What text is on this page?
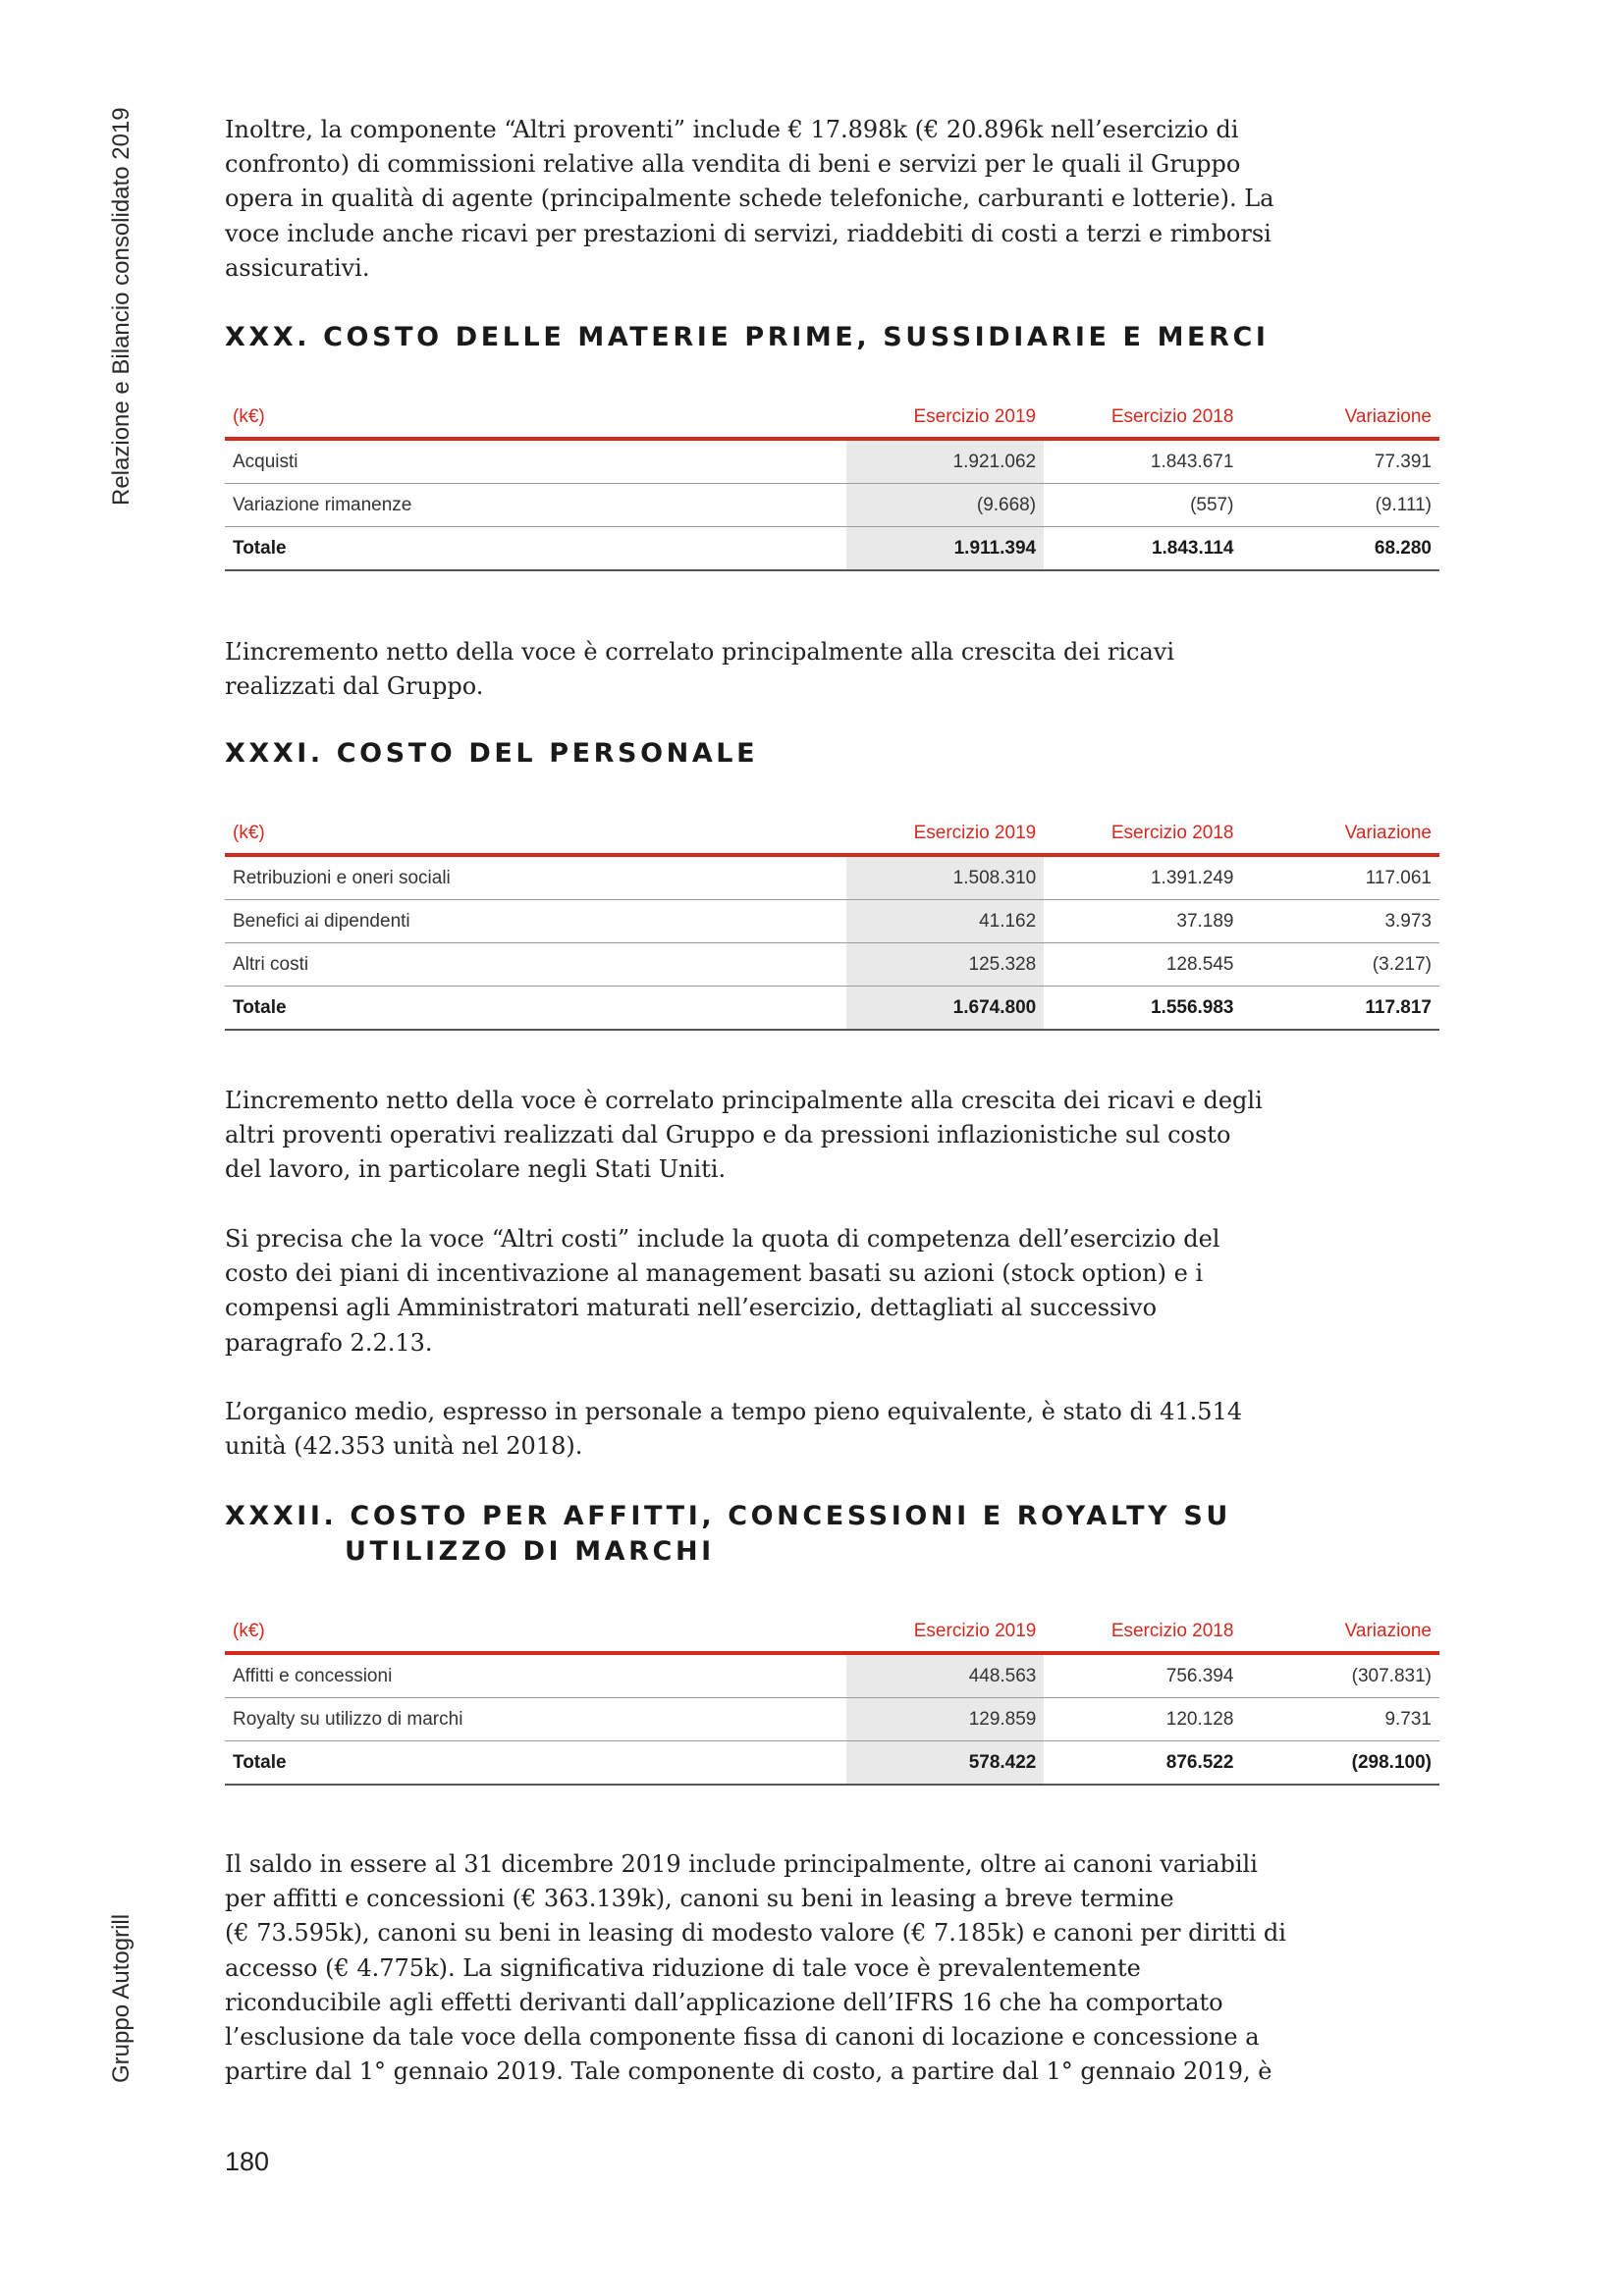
Relazione e Bilancio consolidato 2019
Gruppo Autogrill
Inoltre, la componente “Altri proventi” include € 17.898k (€ 20.896k nell’esercizio di
confronto) di commissioni relative alla vendita di beni e servizi per le quali il Gruppo
opera in qualità di agente (principalmente schede telefoniche, carburanti e lotterie). La
voce include anche ricavi per prestazioni di servizi, riaddebiti di costi a terzi e rimborsi
assicurativi.
XXX. COSTO DELLE MATERIE PRIME, SUSSIDIARIE E MERCI
(k€)	Esercizio 2019	Esercizio 2018	Variazione
Acquisti	1.921.062	1.843.671	77.391
Variazione rimanenze	(9.668)	(557)	(9.111)
Totale	1.911.394	1.843.114	68.280
L’incremento netto della voce è correlato principalmente alla crescita dei ricavi
realizzati dal Gruppo.
XXXI. COSTO DEL PERSONALE
(k€)	Esercizio 2019	Esercizio 2018	Variazione
Retribuzioni e oneri sociali	1.508.310	1.391.249	117.061
Benefici ai dipendenti	41.162	37.189	3.973
Altri costi	125.328	128.545	(3.217)
Totale	1.674.800	1.556.983	117.817
L’incremento netto della voce è correlato principalmente alla crescita dei ricavi e degli
altri proventi operativi realizzati dal Gruppo e da pressioni inflazionistiche sul costo
del lavoro, in particolare negli Stati Uniti.
Si precisa che la voce “Altri costi” include la quota di competenza dell’esercizio del
costo dei piani di incentivazione al management basati su azioni (stock option) e i
compensi agli Amministratori maturati nell’esercizio, dettagliati al successivo
paragrafo 2.2.13.
L’organico medio, espresso in personale a tempo pieno equivalente, è stato di 41.514
unità (42.353 unità nel 2018).
XXXII. COSTO PER AFFITTI, CONCESSIONI E ROYALTY SU
UTILIZZO DI MARCHI
(k€)	Esercizio 2019	Esercizio 2018	Variazione
Affitti e concessioni	448.563	756.394	(307.831)
Royalty su utilizzo di marchi	129.859	120.128	9.731
Totale	578.422	876.522	(298.100)
Il saldo in essere al 31 dicembre 2019 include principalmente, oltre ai canoni variabili
per affitti e concessioni (€ 363.139k), canoni su beni in leasing a breve termine
(€ 73.595k), canoni su beni in leasing di modesto valore (€ 7.185k) e canoni per diritti di
accesso (€ 4.775k). La significativa riduzione di tale voce è prevalentemente
riconducibile agli effetti derivanti dall’applicazione dell’IFRS 16 che ha comportato
l’esclusione da tale voce della componente fissa di canoni di locazione e concessione a
partire dal 1° gennaio 2019. Tale componente di costo, a partire dal 1° gennaio 2019, è
180
